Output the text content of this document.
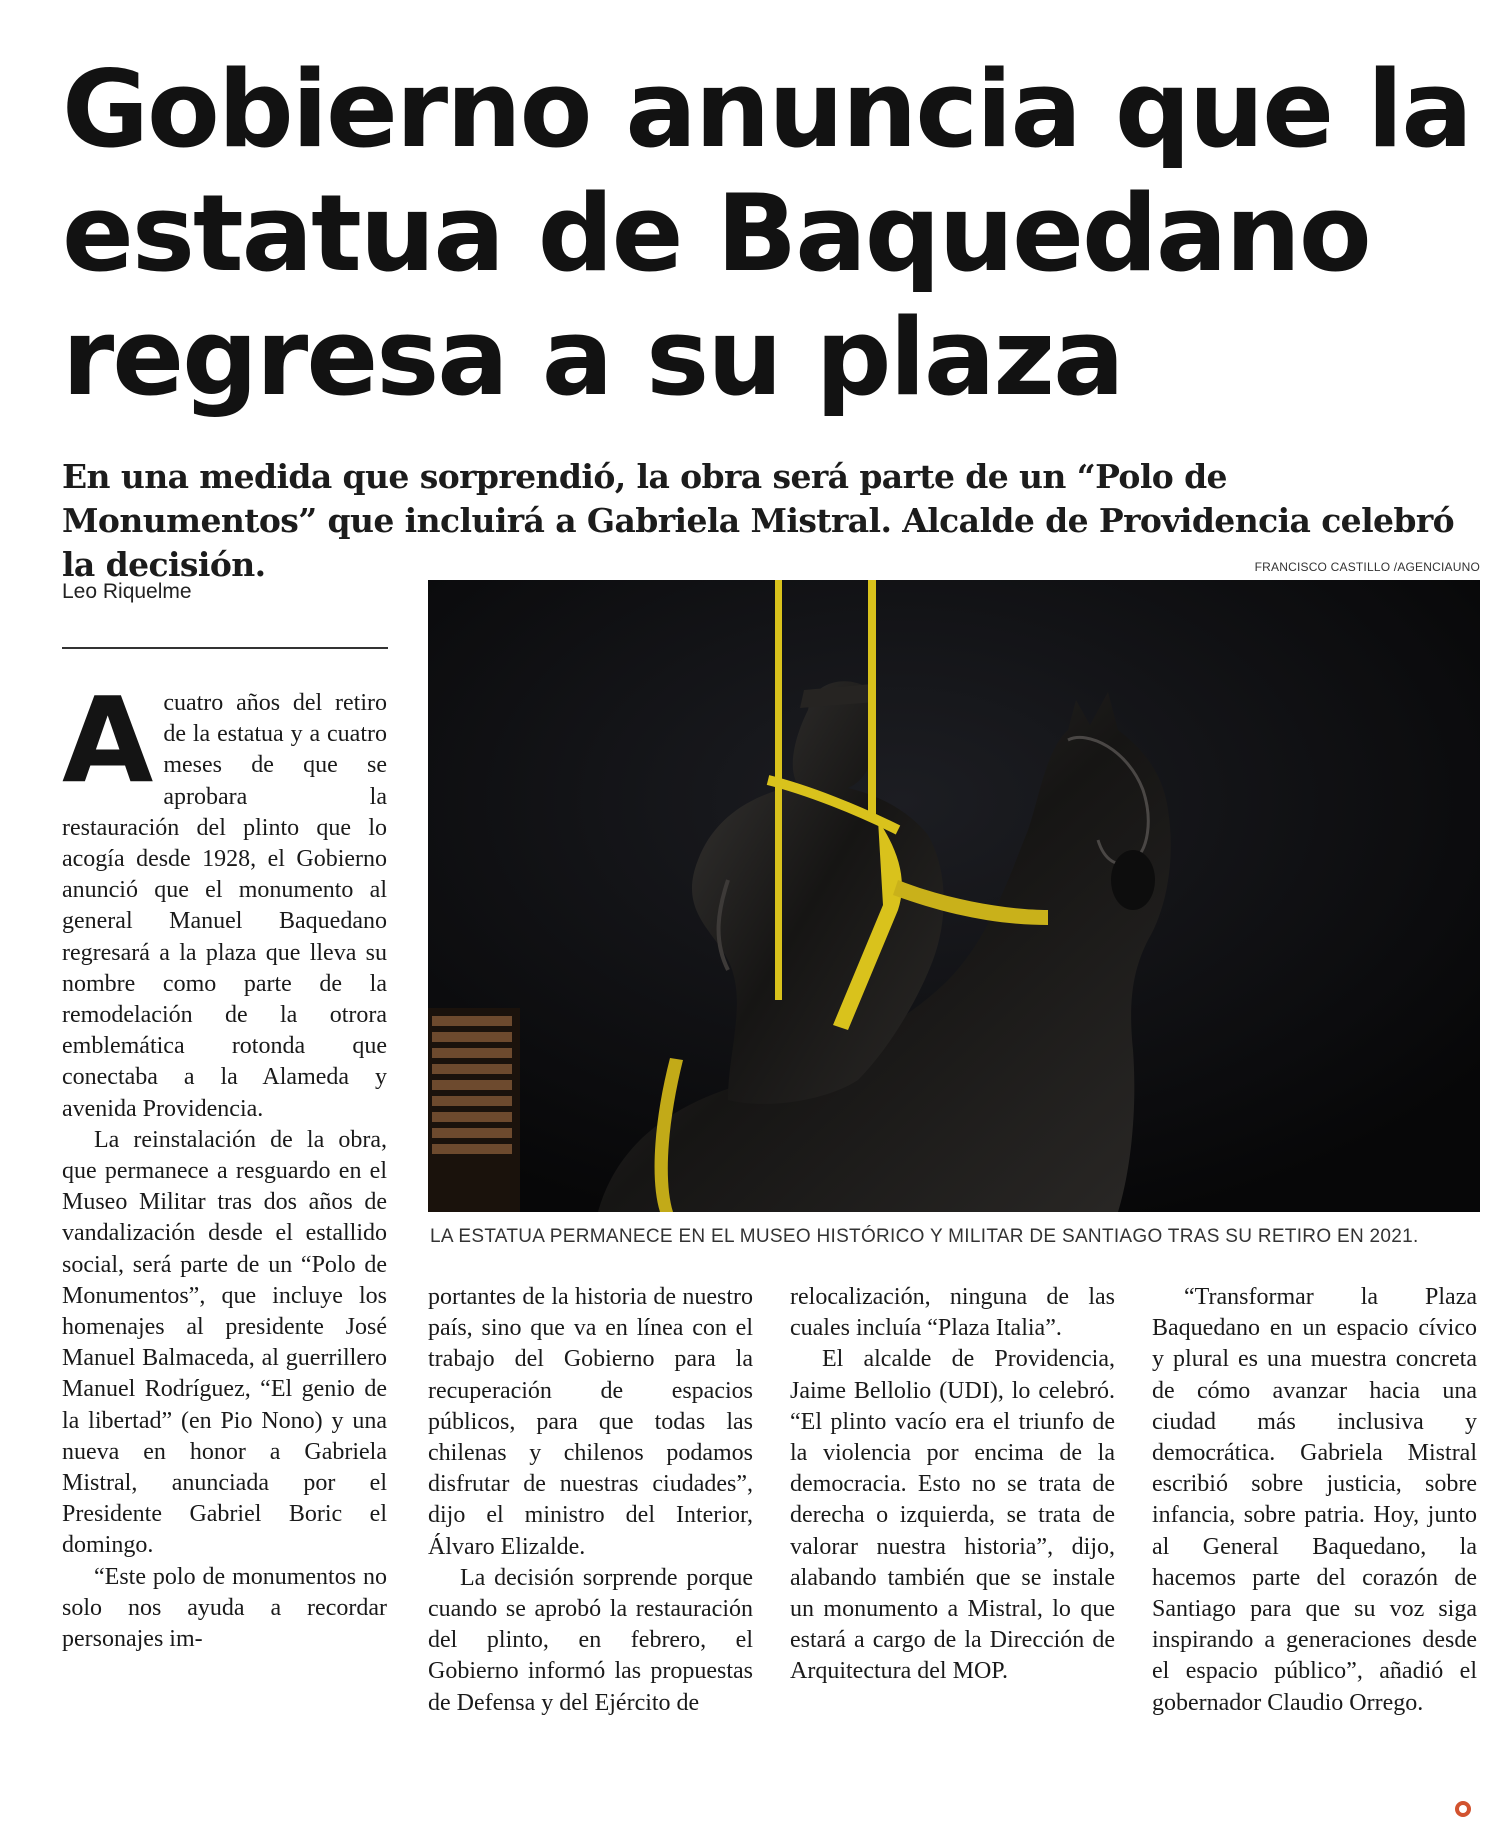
Gobierno anuncia que la estatua de Baquedano regresa a su plaza
En una medida que sorprendió, la obra será parte de un “Polo de Monumentos” que incluirá a Gabriela Mistral. Alcalde de Providencia celebró la decisión.
Leo Riquelme
FRANCISCO CASTILLO /AGENCIAUNO
LA ESTATUA PERMANECE EN EL MUSEO HISTÓRICO Y MILITAR DE SANTIAGO TRAS SU RETIRO EN 2021.

Acuatro años del retiro de la estatua y a cuatro meses de que se aprobara la restauración del plinto que lo acogía desde 1928, el Gobierno anunció que el monumento al general Manuel Baquedano regresará a la plaza que lleva su nombre como parte de la remodelación de la otrora emblemática rotonda que conectaba a la Alameda y avenida Providencia.

La reinstalación de la obra, que permanece a resguardo en el Museo Militar tras dos años de vandalización desde el estallido social, será parte de un “Polo de Monumentos”, que incluye los homenajes al presidente José Manuel Balmaceda, al guerrillero Manuel Rodríguez, “El genio de la libertad” (en Pio Nono) y una nueva en honor a Gabriela Mistral, anunciada por el Presidente Gabriel Boric el domingo.

“Este polo de monumentos no solo nos ayuda a recordar personajes im-

portantes de la historia de nuestro país, sino que va en línea con el trabajo del Gobierno para la recuperación de espacios públicos, para que todas las chilenas y chilenos podamos disfrutar de nuestras ciudades”, dijo el ministro del Interior, Álvaro Elizalde.

La decisión sorprende porque cuando se aprobó la restauración del plinto, en febrero, el Gobierno informó las propuestas de Defensa y del Ejército de

relocalización, ninguna de las cuales incluía “Plaza Italia”.

El alcalde de Providencia, Jaime Bellolio (UDI), lo celebró. “El plinto vacío era el triunfo de la violencia por encima de la democracia. Esto no se trata de derecha o izquierda, se trata de valorar nuestra historia”, dijo, alabando también que se instale un monumento a Mistral, lo que estará a cargo de la Dirección de Arquitectura del MOP.

“Transformar la Plaza Baquedano en un espacio cívico y plural es una muestra concreta de cómo avanzar hacia una ciudad más inclusiva y democrática. Gabriela Mistral escribió sobre justicia, sobre infancia, sobre patria. Hoy, junto al General Baquedano, la hacemos parte del corazón de Santiago para que su voz siga inspirando a generaciones desde el espacio público”, añadió el gobernador Claudio Orrego.
